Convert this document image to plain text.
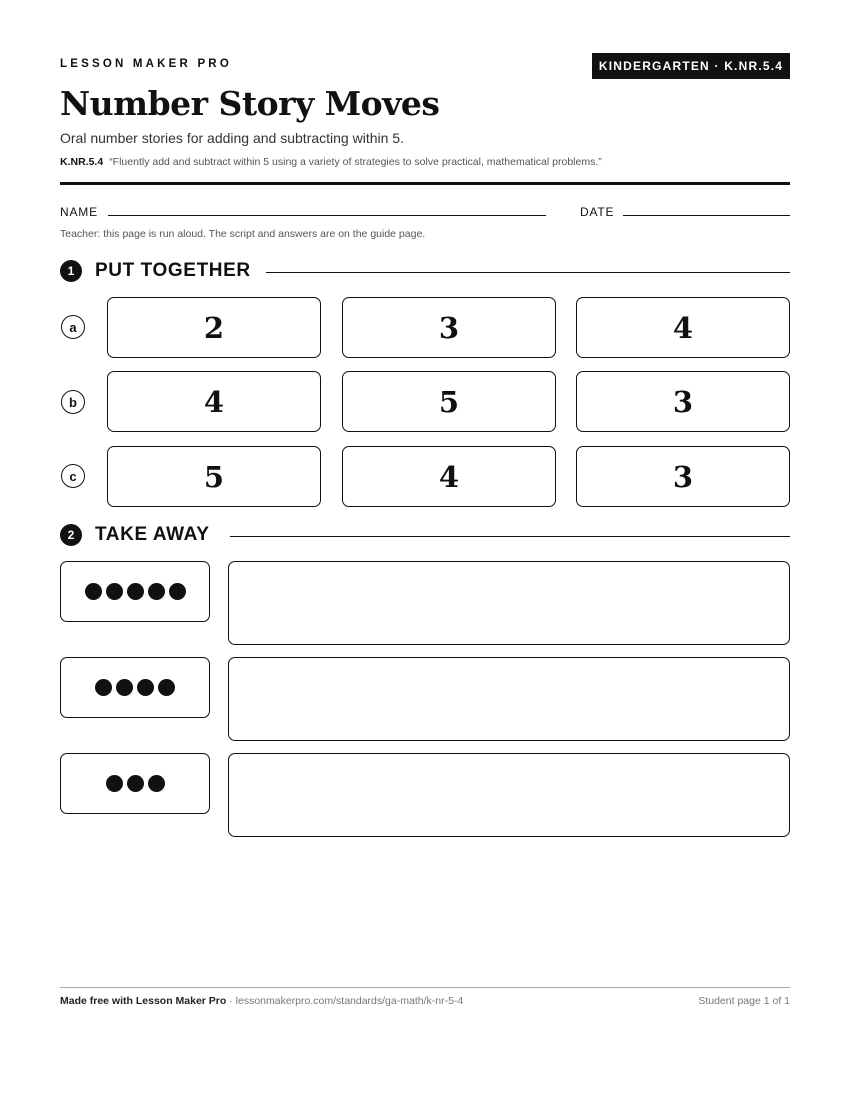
LESSON MAKER PRO	KINDERGARTEN · K.NR.5.4
Number Story Moves
Oral number stories for adding and subtracting within 5.
K.NR.5.4 “Fluently add and subtract within 5 using a variety of strategies to solve practical, mathematical problems.”
NAME	DATE
Teacher: this page is run aloud. The script and answers are on the guide page.
1	PUT TOGETHER
a	2	3	4
b	4	5	3
c	5	4	3
2	TAKE AWAY
Made free with Lesson Maker Pro · lessonmakerpro.com/standards/ga-math/k-nr-5-4	Student page 1 of 1
